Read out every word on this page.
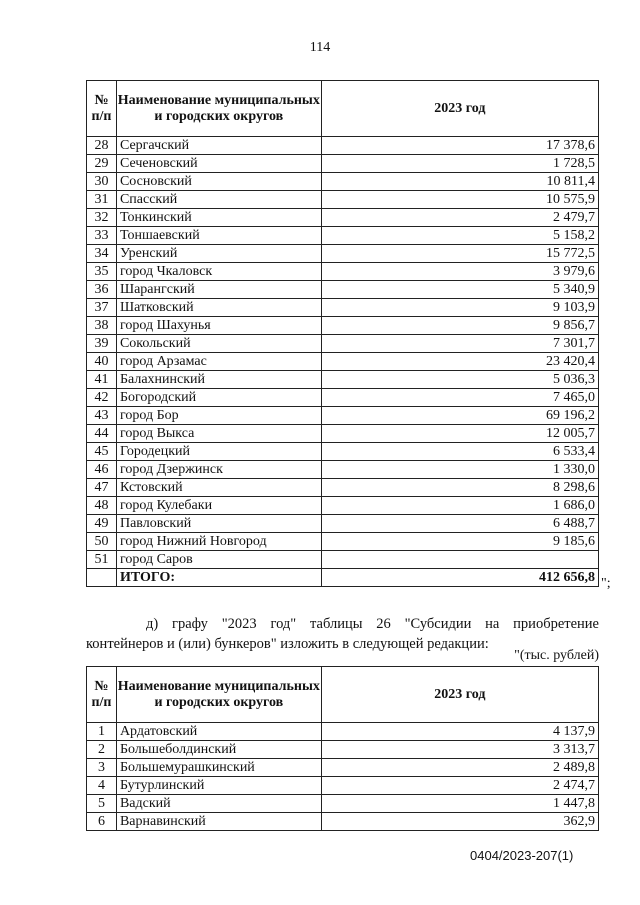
114
№ п/п	Наименование муниципальных и городских округов	2023 год
28	Сергачский	17 378,6
29	Сеченовский	1 728,5
30	Сосновский	10 811,4
31	Спасский	10 575,9
32	Тонкинский	2 479,7
33	Тоншаевский	5 158,2
34	Уренский	15 772,5
35	город Чкаловск	3 979,6
36	Шарангский	5 340,9
37	Шатковский	9 103,9
38	город Шахунья	9 856,7
39	Сокольский	7 301,7
40	город Арзамас	23 420,4
41	Балахнинский	5 036,3
42	Богородский	7 465,0
43	город Бор	69 196,2
44	город Выкса	12 005,7
45	Городецкий	6 533,4
46	город Дзержинск	1 330,0
47	Кстовский	8 298,6
48	город Кулебаки	1 686,0
49	Павловский	6 488,7
50	город Нижний Новгород	9 185,6
51	город Саров	
	ИТОГО:	412 656,8 ";
д) графу "2023 год" таблицы 26 "Субсидии на приобретение
контейнеров и (или) бункеров" изложить в следующей редакции:
"(тыс. рублей)
№ п/п	Наименование муниципальных и городских округов	2023 год
1	Ардатовский	4 137,9
2	Большеболдинский	3 313,7
3	Большемурашкинский	2 489,8
4	Бутурлинский	2 474,7
5	Вадский	1 447,8
6	Варнавинский	362,9
0404/2023-207(1)
